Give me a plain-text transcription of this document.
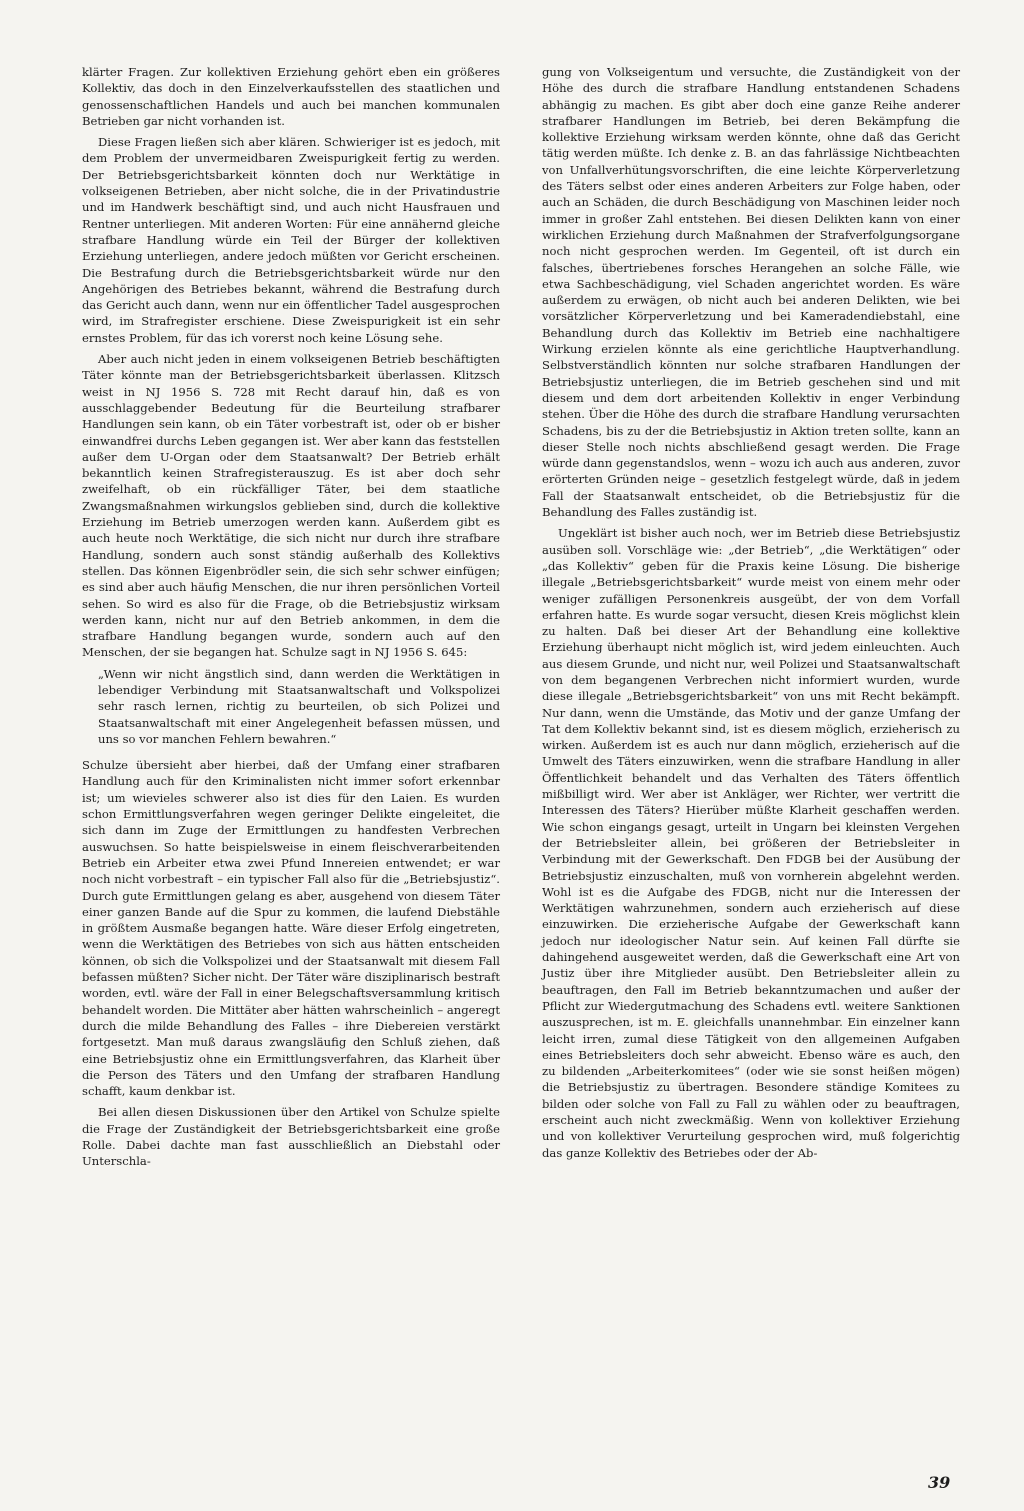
klärter Fragen. Zur kollektiven Erziehung gehört eben ein größeres Kollektiv, das doch in den Einzelverkaufsstellen des staatlichen und genossenschaftlichen Handels und auch bei manchen kommunalen Betrieben gar nicht vorhanden ist.

Diese Fragen ließen sich aber klären. Schwieriger ist es jedoch, mit dem Problem der unvermeidbaren Zweispurigkeit fertig zu werden. Der Betriebsgerichtsbarkeit könnten doch nur Werktätige in volkseigenen Betrieben, aber nicht solche, die in der Privatindustrie und im Handwerk beschäftigt sind, und auch nicht Hausfrauen und Rentner unterliegen. Mit anderen Worten: Für eine annähernd gleiche strafbare Handlung würde ein Teil der Bürger der kollektiven Erziehung unterliegen, andere jedoch müßten vor Gericht erscheinen. Die Bestrafung durch die Betriebsgerichtsbarkeit würde nur den Angehörigen des Betriebes bekannt, während die Bestrafung durch das Gericht auch dann, wenn nur ein öffentlicher Tadel ausgesprochen wird, im Strafregister erschiene. Diese Zweispurigkeit ist ein sehr ernstes Problem, für das ich vorerst noch keine Lösung sehe.

Aber auch nicht jeden in einem volkseigenen Betrieb beschäftigten Täter könnte man der Betriebsgerichtsbarkeit überlassen. Klitzsch weist in NJ 1956 S. 728 mit Recht darauf hin, daß es von ausschlaggebender Bedeutung für die Beurteilung strafbarer Handlungen sein kann, ob ein Täter vorbestraft ist, oder ob er bisher einwandfrei durchs Leben gegangen ist. Wer aber kann das feststellen außer dem U-Organ oder dem Staatsanwalt? Der Betrieb erhält bekanntlich keinen Strafregisterauszug. Es ist aber doch sehr zweifelhaft, ob ein rückfälliger Täter, bei dem staatliche Zwangsmaßnahmen wirkungslos geblieben sind, durch die kollektive Erziehung im Betrieb umerzogen werden kann. Außerdem gibt es auch heute noch Werktätige, die sich nicht nur durch ihre strafbare Handlung, sondern auch sonst ständig außerhalb des Kollektivs stellen. Das können Eigenbrödler sein, die sich sehr schwer einfügen; es sind aber auch häufig Menschen, die nur ihren persönlichen Vorteil sehen. So wird es also für die Frage, ob die Betriebsjustiz wirksam werden kann, nicht nur auf den Betrieb ankommen, in dem die strafbare Handlung begangen wurde, sondern auch auf den Menschen, der sie begangen hat. Schulze sagt in NJ 1956 S. 645:

„Wenn wir nicht ängstlich sind, dann werden die Werktätigen in lebendiger Verbindung mit Staatsanwaltschaft und Volkspolizei sehr rasch lernen, richtig zu beurteilen, ob sich Polizei und Staatsanwaltschaft mit einer Angelegenheit befassen müssen, und uns so vor manchen Fehlern bewahren.“

Schulze übersieht aber hierbei, daß der Umfang einer strafbaren Handlung auch für den Kriminalisten nicht immer sofort erkennbar ist; um wievieles schwerer also ist dies für den Laien. Es wurden schon Ermittlungsverfahren wegen geringer Delikte eingeleitet, die sich dann im Zuge der Ermittlungen zu handfesten Verbrechen auswuchsen. So hatte beispielsweise in einem fleischverarbeitenden Betrieb ein Arbeiter etwa zwei Pfund Innereien entwendet; er war noch nicht vorbestraft – ein typischer Fall also für die „Betriebsjustiz“. Durch gute Ermittlungen gelang es aber, ausgehend von diesem Täter einer ganzen Bande auf die Spur zu kommen, die laufend Diebstähle in größtem Ausmaße begangen hatte. Wäre dieser Erfolg eingetreten, wenn die Werktätigen des Betriebes von sich aus hätten entscheiden können, ob sich die Volkspolizei und der Staatsanwalt mit diesem Fall befassen müßten? Sicher nicht. Der Täter wäre disziplinarisch bestraft worden, evtl. wäre der Fall in einer Belegschaftsversammlung kritisch behandelt worden. Die Mittäter aber hätten wahrscheinlich – angeregt durch die milde Behandlung des Falles – ihre Diebereien verstärkt fortgesetzt. Man muß daraus zwangsläufig den Schluß ziehen, daß eine Betriebsjustiz ohne ein Ermittlungsverfahren, das Klarheit über die Person des Täters und den Umfang der strafbaren Handlung schafft, kaum denkbar ist.

Bei allen diesen Diskussionen über den Artikel von Schulze spielte die Frage der Zuständigkeit der Betriebsgerichtsbarkeit eine große Rolle. Dabei dachte man fast ausschließlich an Diebstahl oder Unterschla-

gung von Volkseigentum und versuchte, die Zuständigkeit von der Höhe des durch die strafbare Handlung entstandenen Schadens abhängig zu machen. Es gibt aber doch eine ganze Reihe anderer strafbarer Handlungen im Betrieb, bei deren Bekämpfung die kollektive Erziehung wirksam werden könnte, ohne daß das Gericht tätig werden müßte. Ich denke z. B. an das fahrlässige Nichtbeachten von Unfallverhütungsvorschriften, die eine leichte Körperverletzung des Täters selbst oder eines anderen Arbeiters zur Folge haben, oder auch an Schäden, die durch Beschädigung von Maschinen leider noch immer in großer Zahl entstehen. Bei diesen Delikten kann von einer wirklichen Erziehung durch Maßnahmen der Strafverfolgungsorgane noch nicht gesprochen werden. Im Gegenteil, oft ist durch ein falsches, übertriebenes forsches Herangehen an solche Fälle, wie etwa Sachbeschädigung, viel Schaden angerichtet worden. Es wäre außerdem zu erwägen, ob nicht auch bei anderen Delikten, wie bei vorsätzlicher Körperverletzung und bei Kameradendiebstahl, eine Behandlung durch das Kollektiv im Betrieb eine nachhaltigere Wirkung erzielen könnte als eine gerichtliche Hauptverhandlung. Selbstverständlich könnten nur solche strafbaren Handlungen der Betriebsjustiz unterliegen, die im Betrieb geschehen sind und mit diesem und dem dort arbeitenden Kollektiv in enger Verbindung stehen. Über die Höhe des durch die strafbare Handlung verursachten Schadens, bis zu der die Betriebsjustiz in Aktion treten sollte, kann an dieser Stelle noch nichts abschließend gesagt werden. Die Frage würde dann gegenstandslos, wenn – wozu ich auch aus anderen, zuvor erörterten Gründen neige – gesetzlich festgelegt würde, daß in jedem Fall der Staatsanwalt entscheidet, ob die Betriebsjustiz für die Behandlung des Falles zuständig ist.

Ungeklärt ist bisher auch noch, wer im Betrieb diese Betriebsjustiz ausüben soll. Vorschläge wie: „der Betrieb“, „die Werktätigen“ oder „das Kollektiv“ geben für die Praxis keine Lösung. Die bisherige illegale „Betriebsgerichtsbarkeit“ wurde meist von einem mehr oder weniger zufälligen Personenkreis ausgeübt, der von dem Vorfall erfahren hatte. Es wurde sogar versucht, diesen Kreis möglichst klein zu halten. Daß bei dieser Art der Behandlung eine kollektive Erziehung überhaupt nicht möglich ist, wird jedem einleuchten. Auch aus diesem Grunde, und nicht nur, weil Polizei und Staatsanwaltschaft von dem begangenen Verbrechen nicht informiert wurden, wurde diese illegale „Betriebsgerichtsbarkeit“ von uns mit Recht bekämpft. Nur dann, wenn die Umstände, das Motiv und der ganze Umfang der Tat dem Kollektiv bekannt sind, ist es diesem möglich, erzieherisch zu wirken. Außerdem ist es auch nur dann möglich, erzieherisch auf die Umwelt des Täters einzuwirken, wenn die strafbare Handlung in aller Öffentlichkeit behandelt und das Verhalten des Täters öffentlich mißbilligt wird. Wer aber ist Ankläger, wer Richter, wer vertritt die Interessen des Täters? Hierüber müßte Klarheit geschaffen werden. Wie schon eingangs gesagt, urteilt in Ungarn bei kleinsten Vergehen der Betriebsleiter allein, bei größeren der Betriebsleiter in Verbindung mit der Gewerkschaft. Den FDGB bei der Ausübung der Betriebsjustiz einzuschalten, muß von vornherein abgelehnt werden. Wohl ist es die Aufgabe des FDGB, nicht nur die Interessen der Werktätigen wahrzunehmen, sondern auch erzieherisch auf diese einzuwirken. Die erzieherische Aufgabe der Gewerkschaft kann jedoch nur ideologischer Natur sein. Auf keinen Fall dürfte sie dahingehend ausgeweitet werden, daß die Gewerkschaft eine Art von Justiz über ihre Mitglieder ausübt. Den Betriebsleiter allein zu beauftragen, den Fall im Betrieb bekanntzumachen und außer der Pflicht zur Wiedergutmachung des Schadens evtl. weitere Sanktionen auszusprechen, ist m. E. gleichfalls unannehmbar. Ein einzelner kann leicht irren, zumal diese Tätigkeit von den allgemeinen Aufgaben eines Betriebsleiters doch sehr abweicht. Ebenso wäre es auch, den zu bildenden „Arbeiterkomitees“ (oder wie sie sonst heißen mögen) die Betriebsjustiz zu übertragen. Besondere ständige Komitees zu bilden oder solche von Fall zu Fall zu wählen oder zu beauftragen, erscheint auch nicht zweckmäßig. Wenn von kollektiver Erziehung und von kollektiver Verurteilung gesprochen wird, muß folgerichtig das ganze Kollektiv des Betriebes oder der Ab-

39
